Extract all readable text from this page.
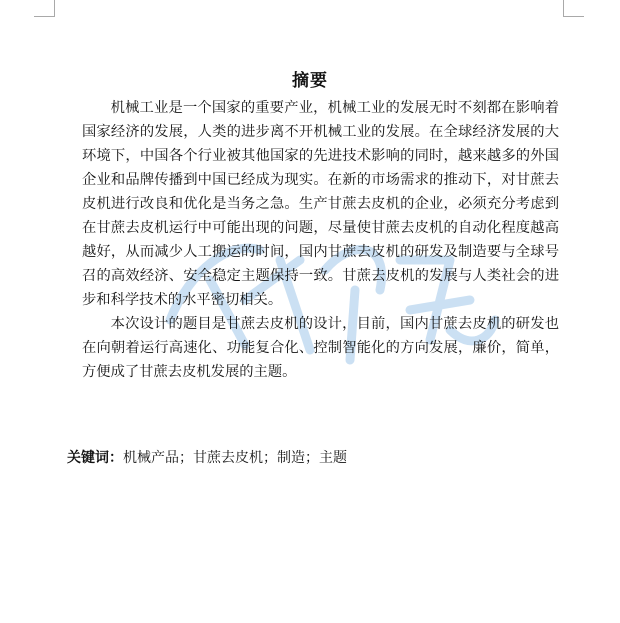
摘要

机械工业是一个国家的重要产业，机械工业的发展无时不刻都在影响着国家经济的发展，人类的进步离不开机械工业的发展。在全球经济发展的大环境下，中国各个行业被其他国家的先进技术影响的同时，越来越多的外国企业和品牌传播到中国已经成为现实。在新的市场需求的推动下，对甘蔗去皮机进行改良和优化是当务之急。生产甘蔗去皮机的企业，必须充分考虑到在甘蔗去皮机运行中可能出现的问题，尽量使甘蔗去皮机的自动化程度越高越好，从而减少人工搬运的时间，国内甘蔗去皮机的研发及制造要与全球号召的高效经济、安全稳定主题保持一致。甘蔗去皮机的发展与人类社会的进步和科学技术的水平密切相关。

本次设计的题目是甘蔗去皮机的设计，目前，国内甘蔗去皮机的研发也在向朝着运行高速化、功能复合化、控制智能化的方向发展，廉价，简单，方便成了甘蔗去皮机发展的主题。

关键词：机械产品；甘蔗去皮机；制造；主题
